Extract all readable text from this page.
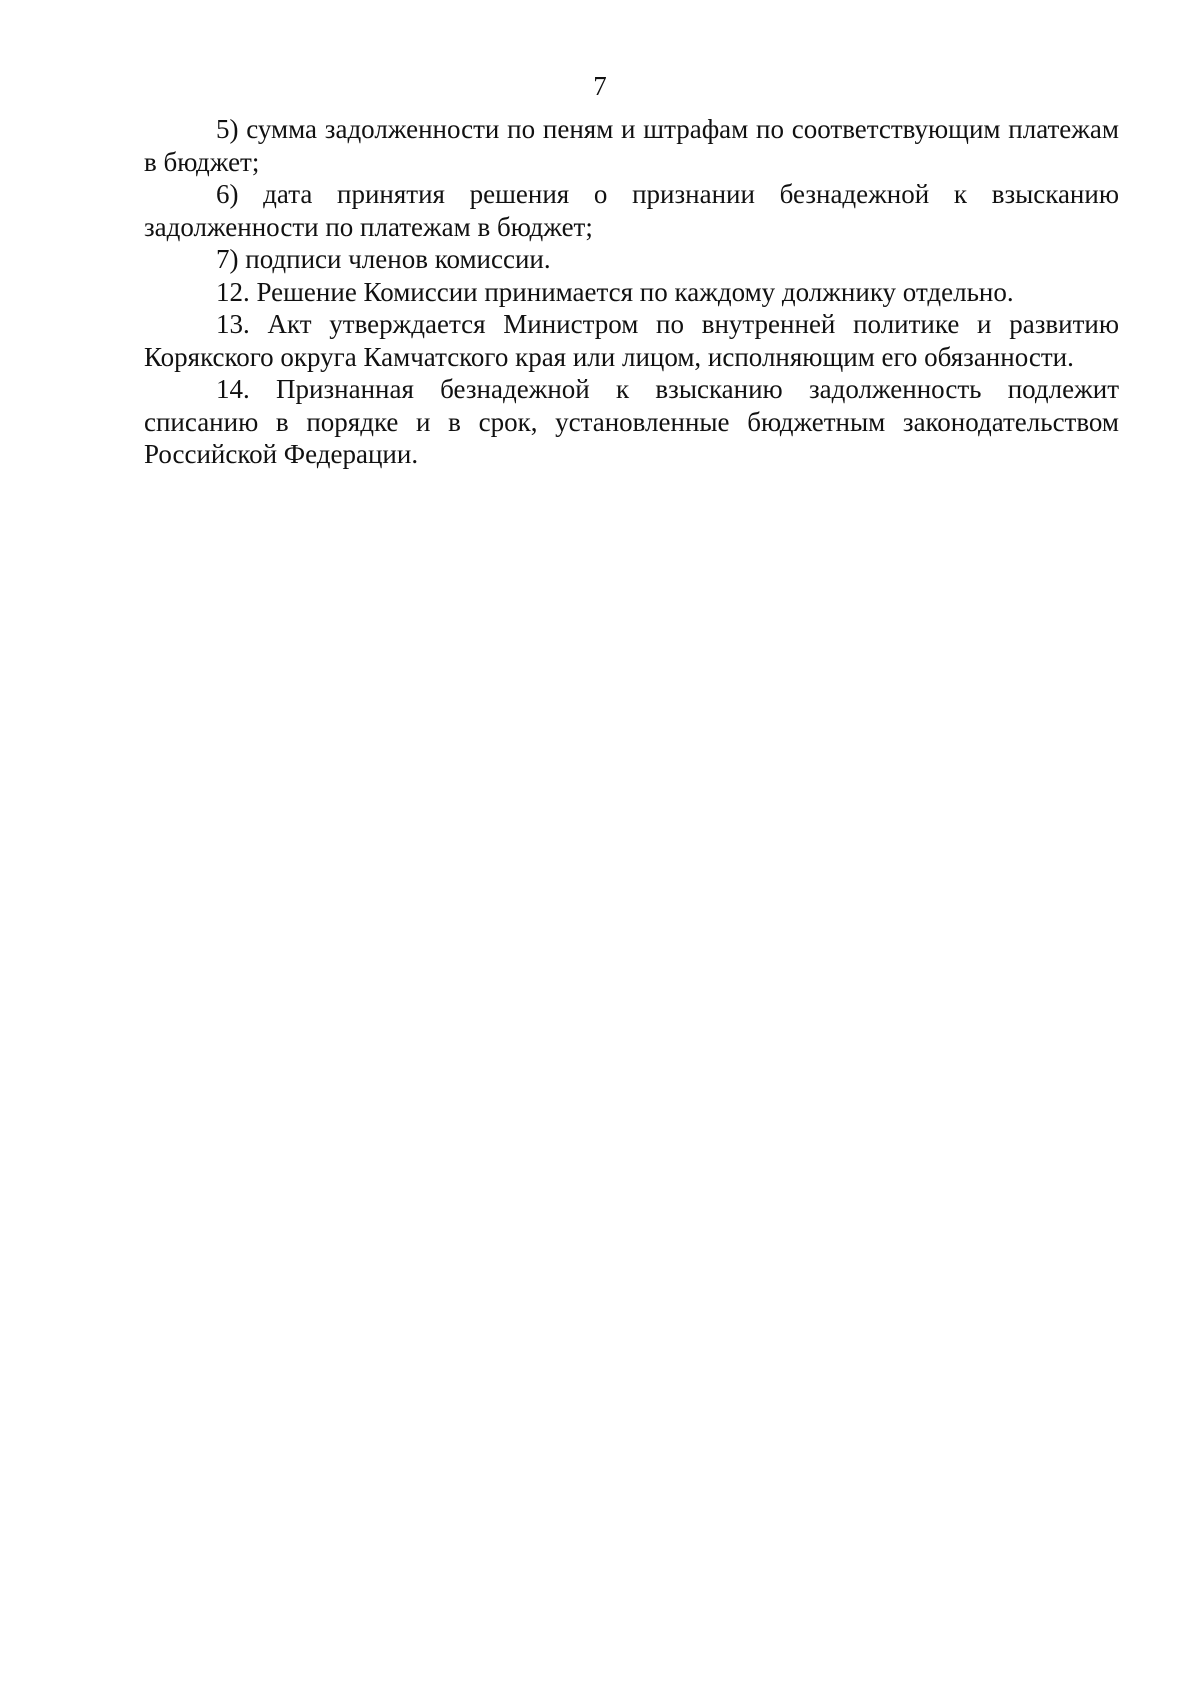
7

5) сумма задолженности по пеням и штрафам по соответствующим платежам в бюджет;

6) дата принятия решения о признании безнадежной к взысканию задолженности по платежам в бюджет;

7) подписи членов комиссии.

12. Решение Комиссии принимается по каждому должнику отдельно.

13. Акт утверждается Министром по внутренней политике и развитию Корякского округа Камчатского края или лицом, исполняющим его обязанности.

14. Признанная безнадежной к взысканию задолженность подлежит списанию в порядке и в срок, установленные бюджетным законодательством Российской Федерации.
